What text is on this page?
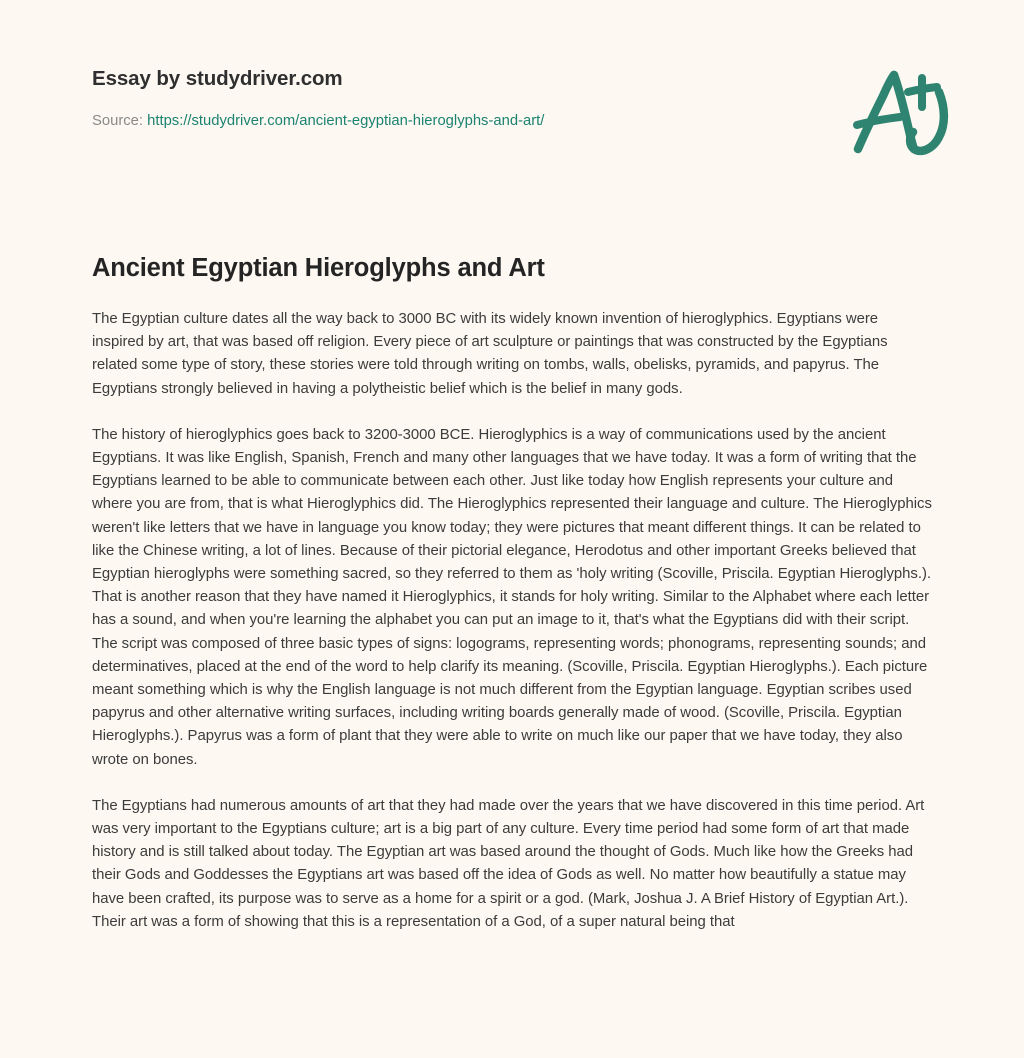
Essay by studydriver.com
Source: https://studydriver.com/ancient-egyptian-hieroglyphs-and-art/
Ancient Egyptian Hieroglyphs and Art

The Egyptian culture dates all the way back to 3000 BC with its widely known invention of hieroglyphics. Egyptians were inspired by art, that was based off religion. Every piece of art sculpture or paintings that was constructed by the Egyptians related some type of story, these stories were told through writing on tombs, walls, obelisks, pyramids, and papyrus. The Egyptians strongly believed in having a polytheistic belief which is the belief in many gods.

The history of hieroglyphics goes back to 3200-3000 BCE. Hieroglyphics is a way of communications used by the ancient Egyptians. It was like English, Spanish, French and many other languages that we have today. It was a form of writing that the Egyptians learned to be able to communicate between each other. Just like today how English represents your culture and where you are from, that is what Hieroglyphics did. The Hieroglyphics represented their language and culture. The Hieroglyphics weren't like letters that we have in language you know today; they were pictures that meant different things. It can be related to like the Chinese writing, a lot of lines. Because of their pictorial elegance, Herodotus and other important Greeks believed that Egyptian hieroglyphs were something sacred, so they referred to them as 'holy writing (Scoville, Priscila. Egyptian Hieroglyphs.). That is another reason that they have named it Hieroglyphics, it stands for holy writing. Similar to the Alphabet where each letter has a sound, and when you're learning the alphabet you can put an image to it, that's what the Egyptians did with their script. The script was composed of three basic types of signs: logograms, representing words; phonograms, representing sounds; and determinatives, placed at the end of the word to help clarify its meaning. (Scoville, Priscila. Egyptian Hieroglyphs.). Each picture meant something which is why the English language is not much different from the Egyptian language. Egyptian scribes used papyrus and other alternative writing surfaces, including writing boards generally made of wood. (Scoville, Priscila. Egyptian Hieroglyphs.). Papyrus was a form of plant that they were able to write on much like our paper that we have today, they also wrote on bones.

The Egyptians had numerous amounts of art that they had made over the years that we have discovered in this time period. Art was very important to the Egyptians culture; art is a big part of any culture. Every time period had some form of art that made history and is still talked about today. The Egyptian art was based around the thought of Gods. Much like how the Greeks had their Gods and Goddesses the Egyptians art was based off the idea of Gods as well. No matter how beautifully a statue may have been crafted, its purpose was to serve as a home for a spirit or a god. (Mark, Joshua J. A Brief History of Egyptian Art.). Their art was a form of showing that this is a representation of a God, of a super natural being that
